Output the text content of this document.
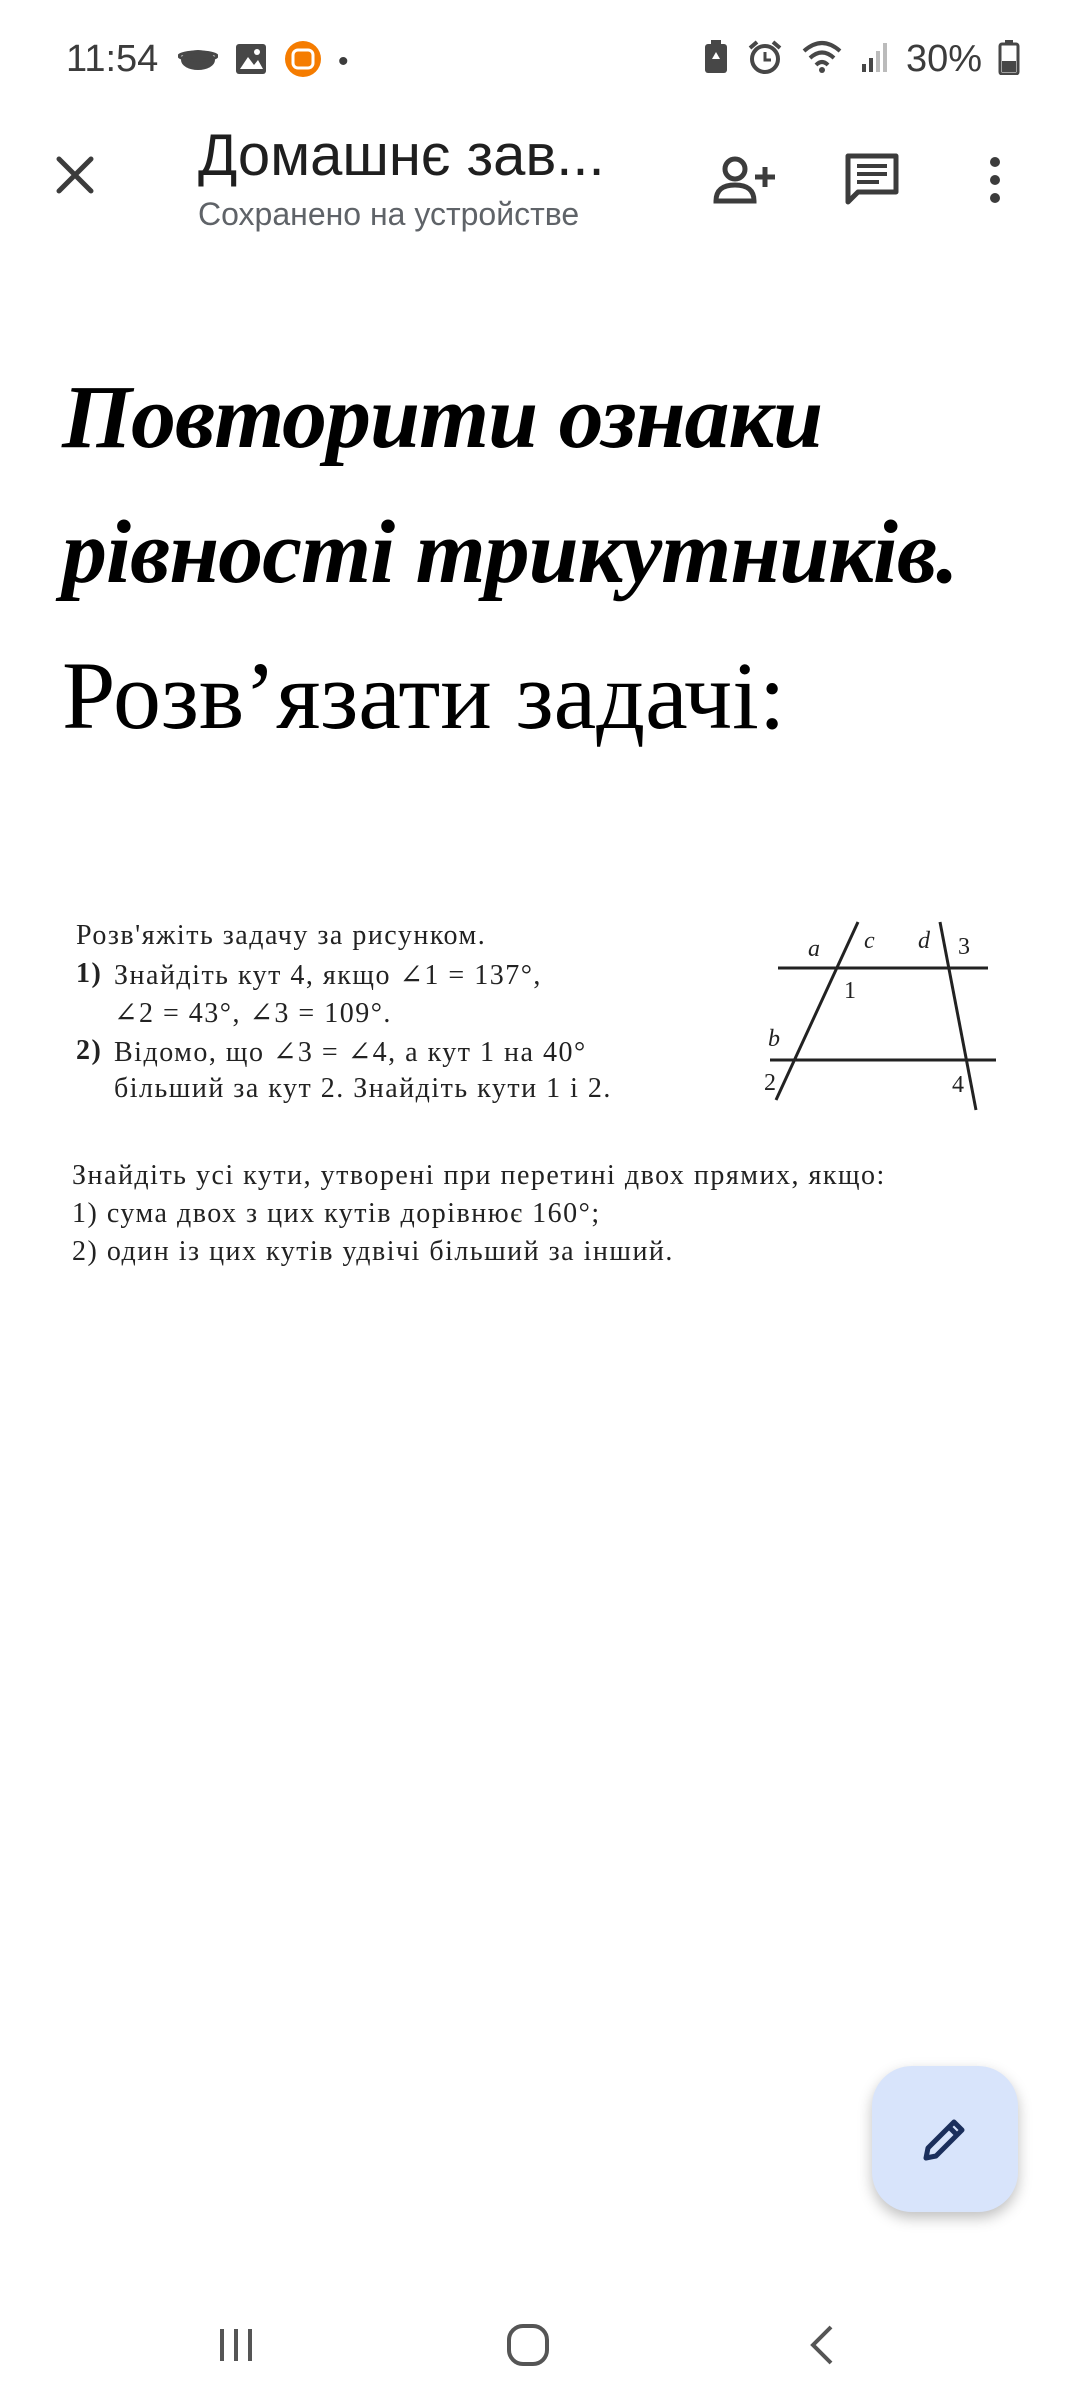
11:54	•	30%
Домашнє зав...
Сохранено на устройстве
Повторити ознаки
рівності трикутників.
Розв’язати задачі:
Розв'яжіть задачу за рисунком.
1) Знайдіть кут 4, якщо ∠1 = 137°,
∠2 = 43°, ∠3 = 109°.
2) Відомо, що ∠3 = ∠4, а кут 1 на 40°
більший за кут 2. Знайдіть кути 1 і 2.
a c d 3
1
b
2	4
Знайдіть усі кути, утворені при перетині двох прямих, якщо:
1) сума двох з цих кутів дорівнює 160°;
2) один із цих кутів удвічі більший за інший.
